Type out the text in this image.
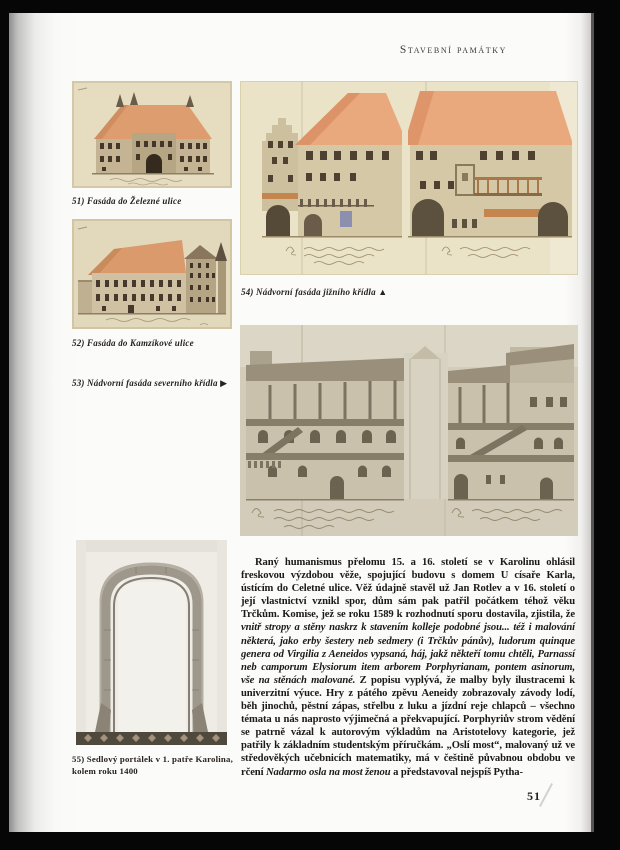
Stavební památky
51) Fasáda do Železné ulice
52) Fasáda do Kamzíkové ulice
53) Nádvorní fasáda severního křídla ▶
54) Nádvorní fasáda jižního křídla ▲
Raný humanismus přelomu 15. a 16. století se v Karolinu ohlásil freskovou výzdobou věže, spojující budovu s domem U císaře Karla, ústícím do Celetné ulice. Věž údajně stavěl už Jan Rotlev a v 16. století o její vlastnictví vznikl spor, dům sám pak patřil počátkem téhož věku Trčkům. Komise, jež se roku 1589 k rozhodnutí sporu dostavila, zjistila, že vnitř stropy a stěny naskrz k stavením kolleje podobné jsou... též i malování některá, jako erby šestery neb sedmery (i Trčkův pánův), ludorum quinque genera od Virgilia z Aeneidos vypsaná, háj, jakž někteří tomu chtěli, Parnassí neb camporum Elysiorum item arborem Porphyrianam, pontem asinorum, vše na stěnách malované. Z popisu vyplývá, že malby byly ilustracemi k univerzitní výuce. Hry z pátého zpěvu Aeneidy zobrazovaly závody lodí, běh jinochů, pěstní zápas, střelbu z luku a jízdní reje chlapců – všechno témata u nás naprosto výjimečná a překvapující. Porphyriův strom vědění se patrně vázal k autorovým výkladům na Aristotelovy kategorie, jež patřily k základním studentským příručkám. „Oslí most“, malovaný už ve středověkých učebnicích matematiky, má v češtině půvabnou obdobu ve rčení Nadarmo osla na most ženou a představoval nejspíš Pytha-
55) Sedlový portálek v 1. patře Karolina, kolem roku 1400
51
